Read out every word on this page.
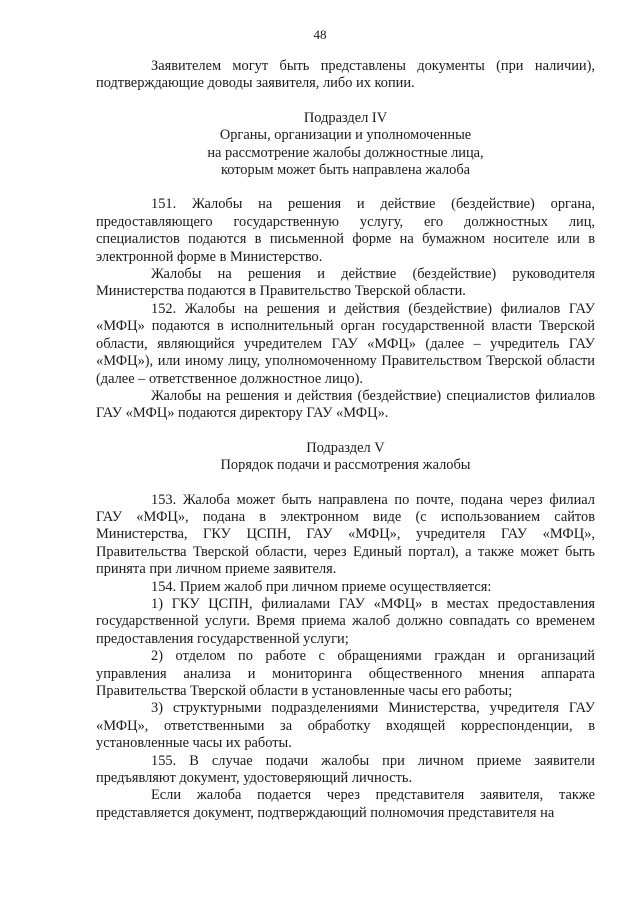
48

Заявителем могут быть представлены документы (при наличии), подтверждающие доводы заявителя, либо их копии.

Подраздел IV

Органы, организации и уполномоченные

на рассмотрение жалобы должностные лица,

которым может быть направлена жалоба

151. Жалобы на решения и действие (бездействие) органа, предоставляющего государственную услугу, его должностных лиц, специалистов подаются в письменной форме на бумажном носителе или в электронной форме в Министерство.

Жалобы на решения и действие (бездействие) руководителя Министерства подаются в Правительство Тверской области.

152. Жалобы на решения и действия (бездействие) филиалов ГАУ «МФЦ» подаются в исполнительный орган государственной власти Тверской области, являющийся учредителем ГАУ «МФЦ» (далее – учредитель ГАУ «МФЦ»), или иному лицу, уполномоченному Правительством Тверской области (далее – ответственное должностное лицо).

Жалобы на решения и действия (бездействие) специалистов филиалов ГАУ «МФЦ» подаются директору ГАУ «МФЦ».

Подраздел V

Порядок подачи и рассмотрения жалобы

153. Жалоба может быть направлена по почте, подана через филиал ГАУ «МФЦ», подана в электронном виде (с использованием сайтов Министерства, ГКУ ЦСПН, ГАУ «МФЦ», учредителя ГАУ «МФЦ», Правительства Тверской области, через Единый портал), а также может быть принята при личном приеме заявителя.

154. Прием жалоб при личном приеме осуществляется:

1) ГКУ ЦСПН, филиалами ГАУ «МФЦ» в местах предоставления государственной услуги. Время приема жалоб должно совпадать со временем предоставления государственной услуги;

2) отделом по работе с обращениями граждан и организаций управления анализа и мониторинга общественного мнения аппарата Правительства Тверской области в установленные часы его работы;

3) структурными подразделениями Министерства, учредителя ГАУ «МФЦ», ответственными за обработку входящей корреспонденции, в установленные часы их работы.

155. В случае подачи жалобы при личном приеме заявители предъявляют документ, удостоверяющий личность.

Если жалоба подается через представителя заявителя, также представляется документ, подтверждающий полномочия представителя на
